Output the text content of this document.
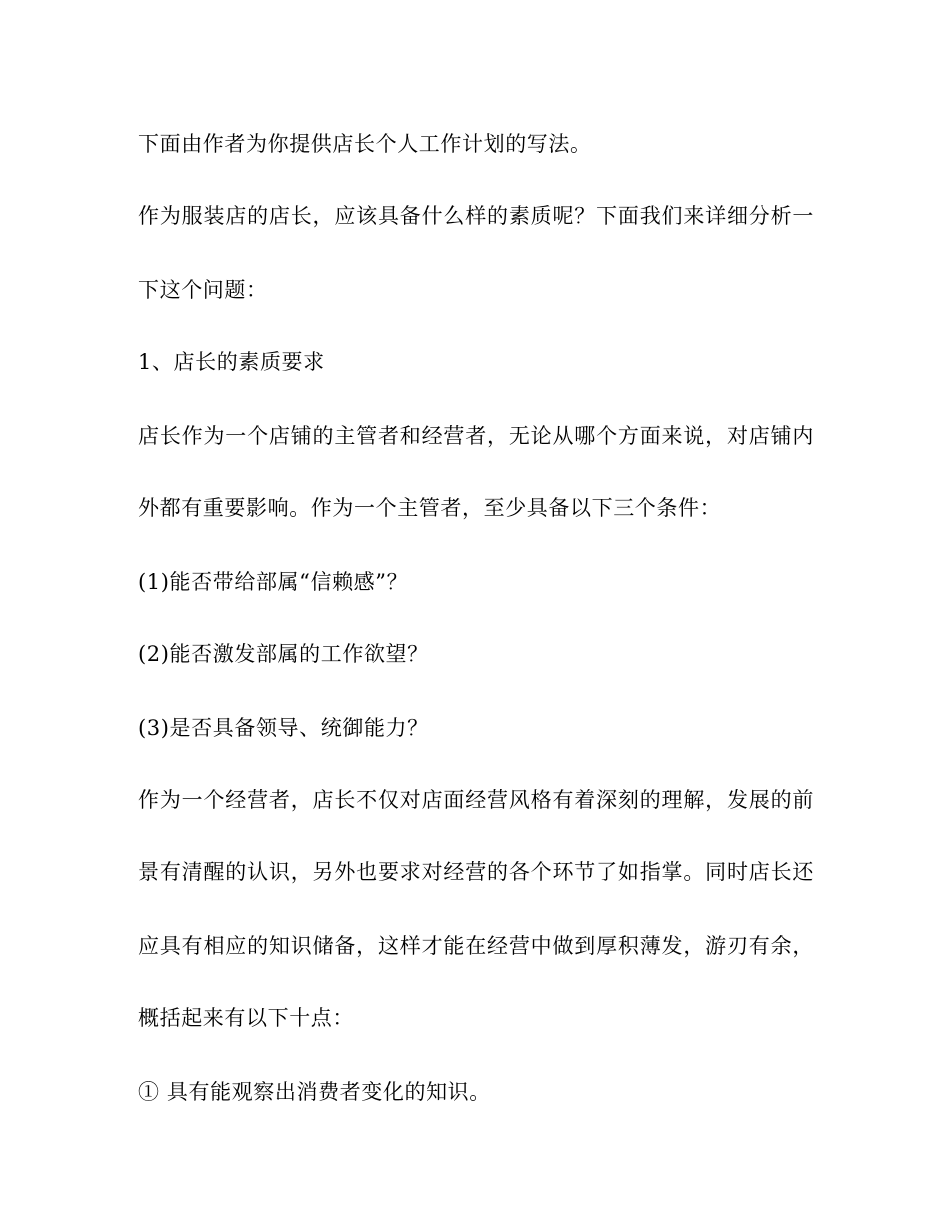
下面由作者为你提供店长个人工作计划的写法。
作为服装店的店长，应该具备什么样的素质呢？下面我们来详细分析一
下这个问题：
1、店长的素质要求
店长作为一个店铺的主管者和经营者，无论从哪个方面来说，对店铺内
外都有重要影响。作为一个主管者，至少具备以下三个条件：
(1)能否带给部属“信赖感”？
(2)能否激发部属的工作欲望？
(3)是否具备领导、统御能力？
作为一个经营者，店长不仅对店面经营风格有着深刻的理解，发展的前
景有清醒的认识，另外也要求对经营的各个环节了如指掌。同时店长还
应具有相应的知识储备，这样才能在经营中做到厚积薄发，游刃有余，
概括起来有以下十点：
① 具有能观察出消费者变化的知识。
